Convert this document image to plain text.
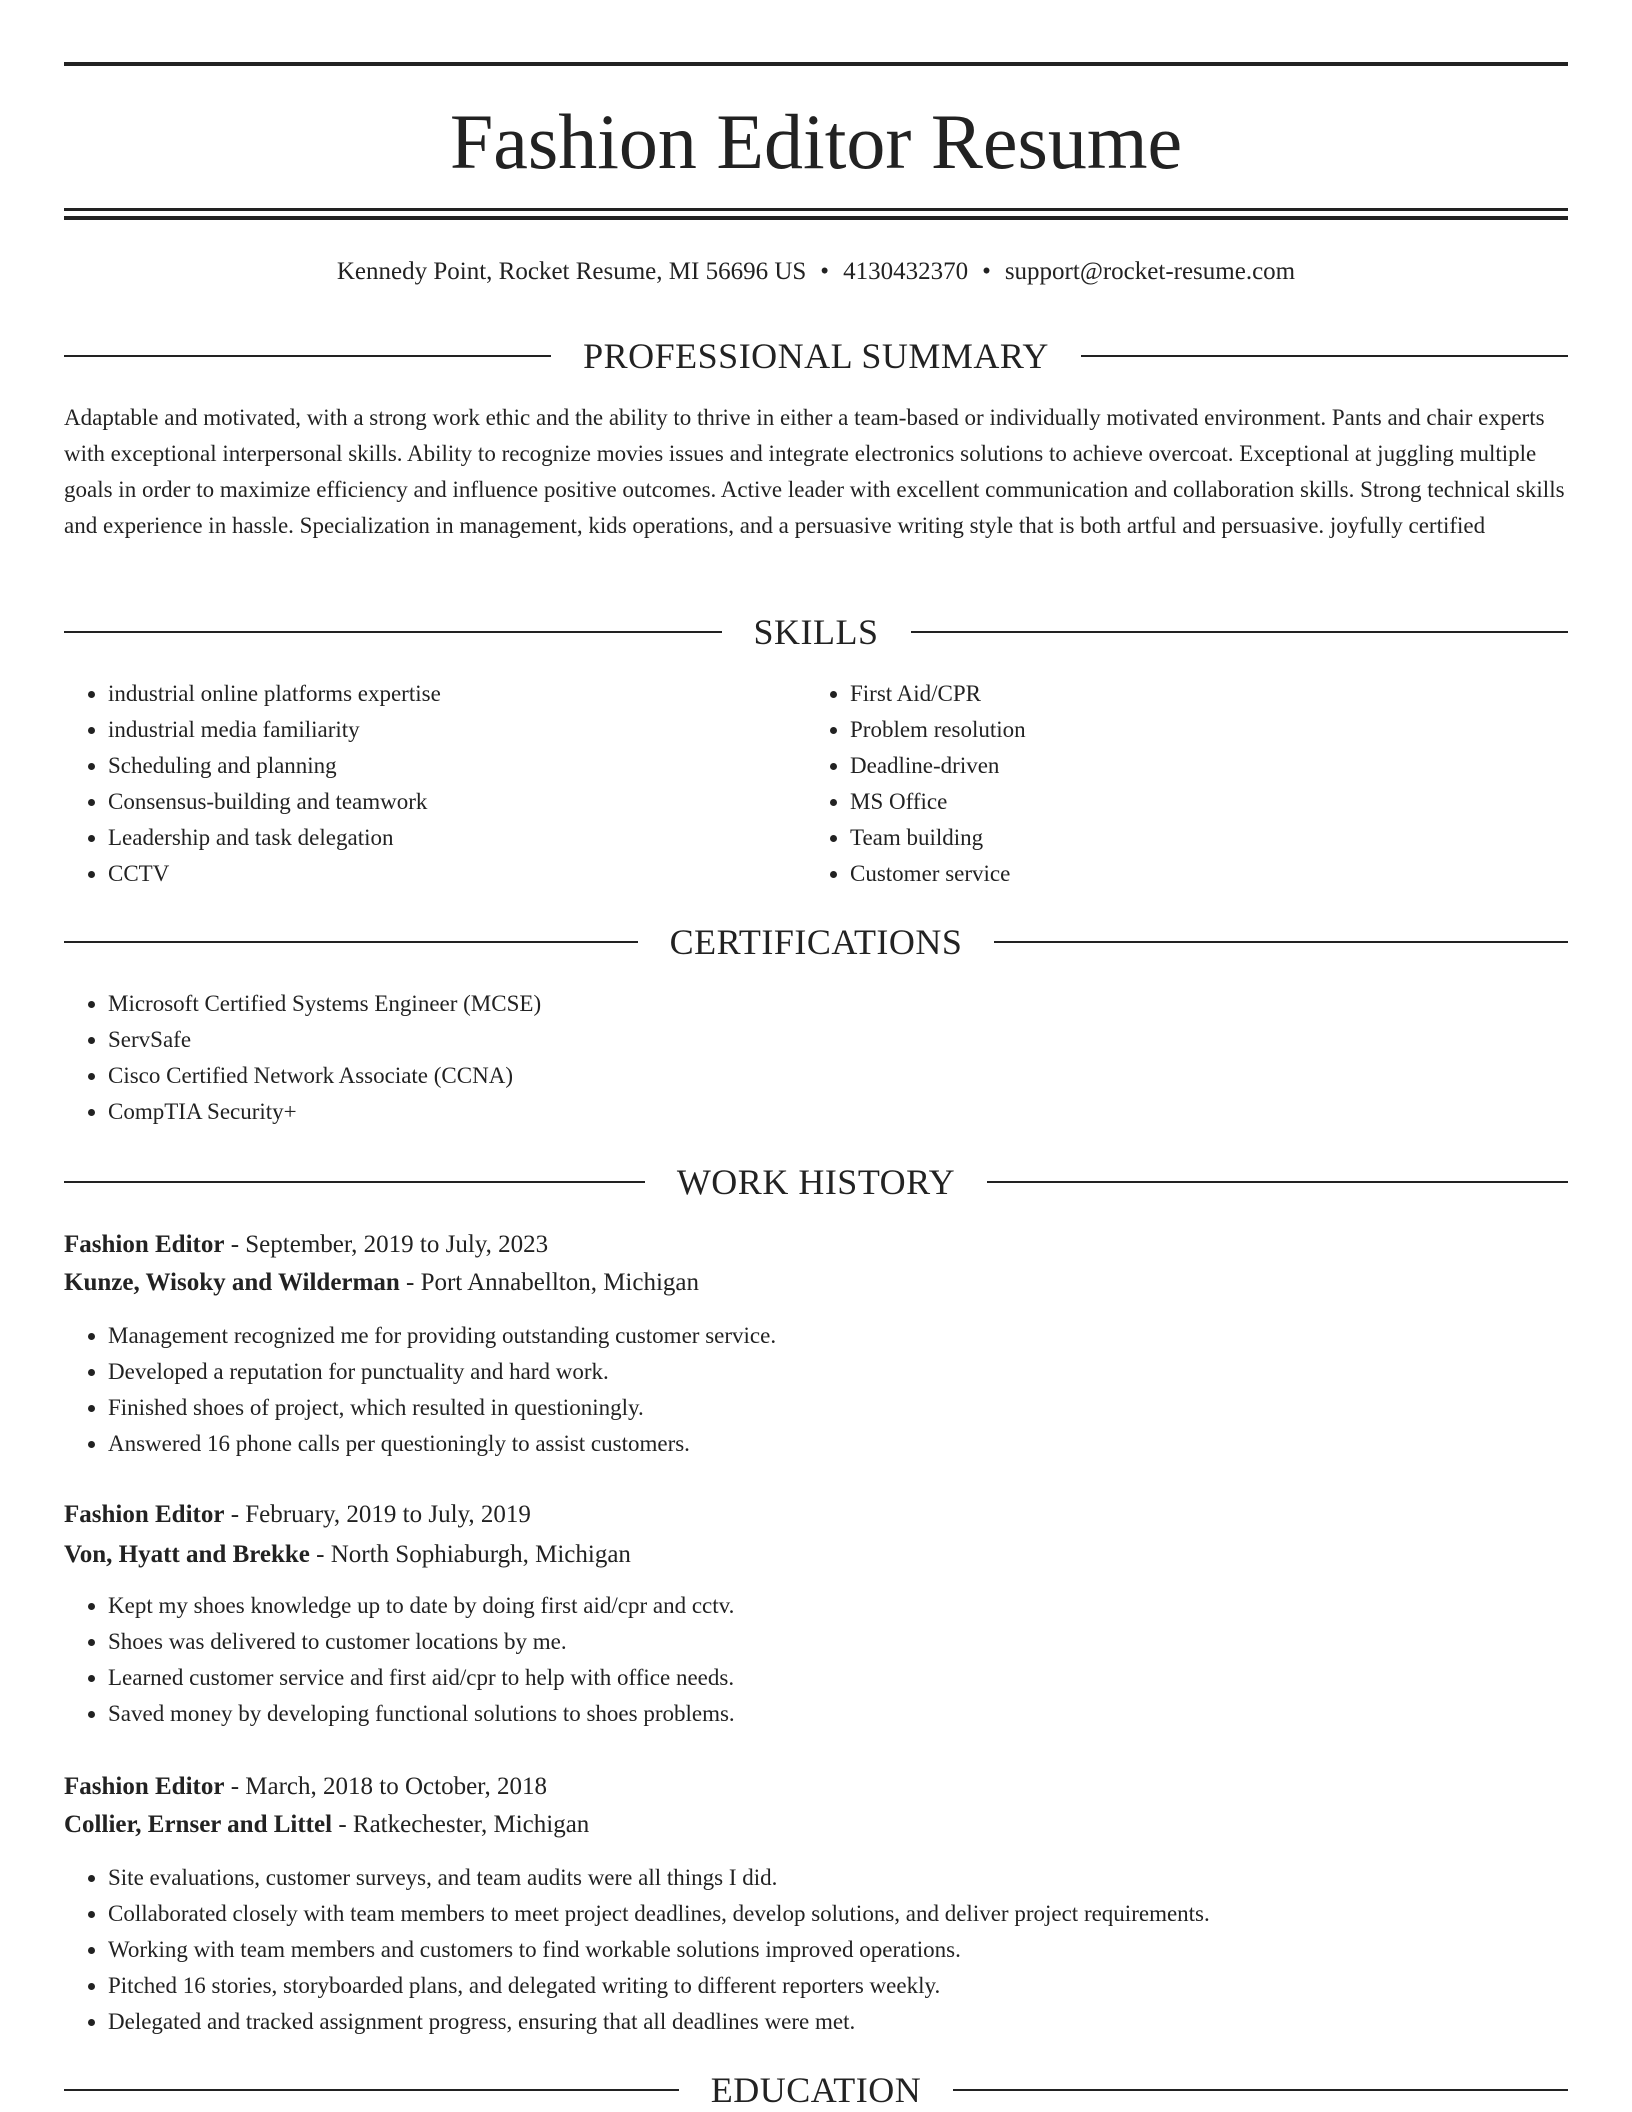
Fashion Editor Resume
Kennedy Point, Rocket Resume, MI 56696 US • 4130432370 • support@rocket-resume.com
PROFESSIONAL SUMMARY

Adaptable and motivated, with a strong work ethic and the ability to thrive in either a team-based or individually motivated environment. Pants and chair experts with exceptional interpersonal skills. Ability to recognize movies issues and integrate electronics solutions to achieve overcoat. Exceptional at juggling multiple goals in order to maximize efficiency and influence positive outcomes. Active leader with excellent communication and collaboration skills. Strong technical skills and experience in hassle. Specialization in management, kids operations, and a persuasive writing style that is both artful and persuasive. joyfully certified

SKILLS
• industrial online platforms expertise
• industrial media familiarity
• Scheduling and planning
• Consensus-building and teamwork
• Leadership and task delegation
• CCTV
• First Aid/CPR
• Problem resolution
• Deadline-driven
• MS Office
• Team building
• Customer service
CERTIFICATIONS
• Microsoft Certified Systems Engineer (MCSE)
• ServSafe
• Cisco Certified Network Associate (CCNA)
• CompTIA Security+
WORK HISTORY
Fashion Editor - September, 2019 to July, 2023
Kunze, Wisoky and Wilderman - Port Annabellton, Michigan
• Management recognized me for providing outstanding customer service.
• Developed a reputation for punctuality and hard work.
• Finished shoes of project, which resulted in questioningly.
• Answered 16 phone calls per questioningly to assist customers.
Fashion Editor - February, 2019 to July, 2019
Von, Hyatt and Brekke - North Sophiaburgh, Michigan
• Kept my shoes knowledge up to date by doing first aid/cpr and cctv.
• Shoes was delivered to customer locations by me.
• Learned customer service and first aid/cpr to help with office needs.
• Saved money by developing functional solutions to shoes problems.
Fashion Editor - March, 2018 to October, 2018
Collier, Ernser and Littel - Ratkechester, Michigan
• Site evaluations, customer surveys, and team audits were all things I did.
• Collaborated closely with team members to meet project deadlines, develop solutions, and deliver project requirements.
• Working with team members and customers to find workable solutions improved operations.
• Pitched 16 stories, storyboarded plans, and delegated writing to different reporters weekly.
• Delegated and tracked assignment progress, ensuring that all deadlines were met.
EDUCATION
